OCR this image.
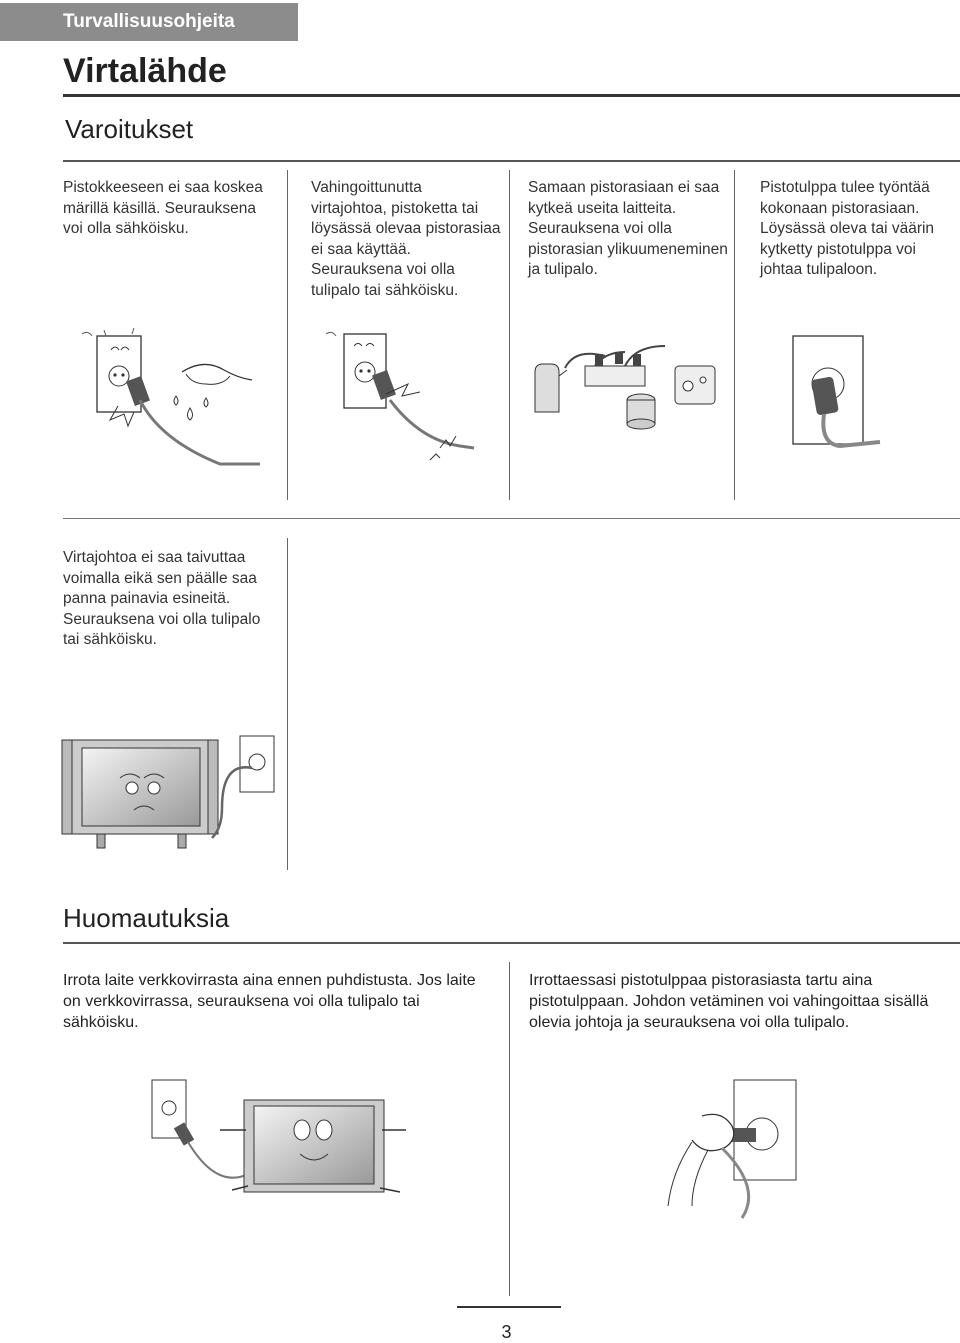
Turvallisuusohjeita
Virtalähde
Varoitukset
Pistokkeeseen ei saa koskea märillä käsillä. Seurauksena voi olla sähköisku.
Vahingoittunutta virtajohtoa, pistoketta tai löysässä olevaa pistorasiaa ei saa käyttää. Seurauksena voi olla tulipalo tai sähköisku.
Samaan pistorasiaan ei saa kytkeä useita laitteita. Seurauksena voi olla pistorasian ylikuumeneminen ja tulipalo.
Pistotulppa tulee työntää kokonaan pistorasiaan. Löysässä oleva tai väärin kytketty pistotulppa voi johtaa tulipaloon.
Virtajohtoa ei saa taivuttaa voimalla eikä sen päälle saa panna painavia esineitä. Seurauksena voi olla tulipalo tai sähköisku.
Huomautuksia
Irrota laite verkkovirrasta aina ennen puhdistusta. Jos laite on verkkovirrassa, seurauksena voi olla tulipalo tai sähköisku.
Irrottaessasi pistotulppaa pistorasiasta tartu aina pistotulppaan. Johdon vetäminen voi vahingoittaa sisällä olevia johtoja ja seurauksena voi olla tulipalo.
3
